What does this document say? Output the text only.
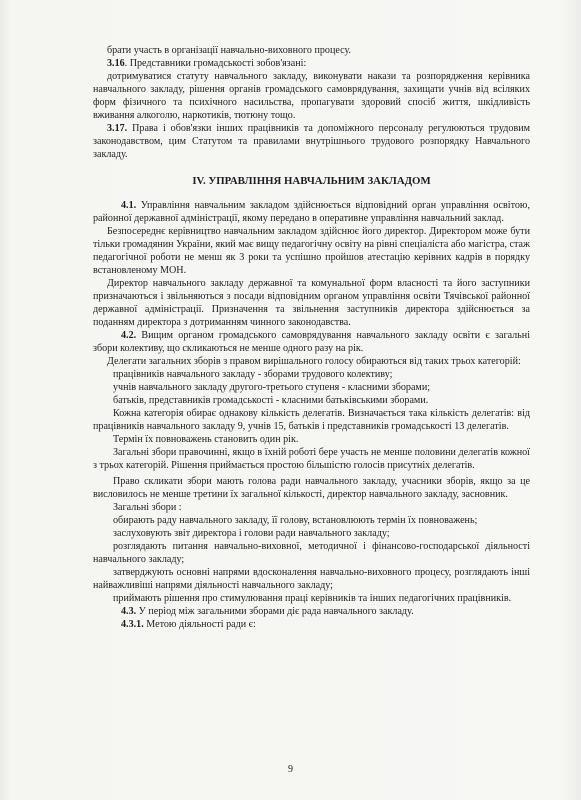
брати участь в організації навчально-виховного процесу.

3.16. Представники громадськості зобов'язані:

дотримуватися статуту навчального закладу, виконувати накази та розпорядження керівника навчального закладу, рішення органів громадського самоврядування, захищати учнів від всіляких форм фізичного та психічного насильства, пропагувати здоровий спосіб життя, шкідливість вживання алкоголю, наркотиків, тютюну тощо.

3.17. Права і обов'язки інших працівників та допоміжного персоналу регулюються трудовим законодавством, цим Статутом та правилами внутрішнього трудового розпорядку Навчального закладу.

IV. УПРАВЛІННЯ НАВЧАЛЬНИМ ЗАКЛАДОМ

4.1. Управління навчальним закладом здійснюється відповідний орган управління освітою, районної державної адміністрації, якому передано в оперативне управління навчальний заклад.

Безпосереднє керівництво навчальним закладом здійснює його директор. Директором може бути тільки громадянин України, який має вищу педагогічну освіту на рівні спеціаліста або магістра, стаж педагогічної роботи не менш як 3 роки та успішно пройшов атестацію керівних кадрів в порядку встановленому МОН.

Директор навчального закладу державної та комунальної форм власності та його заступники призначаються і звільняються з посади відповідним органом управління освіти Тячівської районної державної адміністрації. Призначення та звільнення заступників директора здійснюється за поданням директора з дотриманням чинного законодавства.

4.2. Вищим органом громадського самоврядування навчального закладу освіти є загальні збори колективу, що скликаються не менше одного разу на рік.

Делегати загальних зборів з правом вирішального голосу обираються від таких трьох категорій:

працівників навчального закладу - зборами трудового колективу;

учнів навчального закладу другого-третього ступеня - класними зборами;

батьків, представників громадськості - класними батьківськими зборами.

Кожна категорія обирає однакову кількість делегатів. Визначається така кількість делегатів: від працівників навчального закладу 9, учнів 15, батьків і представників громадськості 13 делегатів.

Термін їх повноважень становить один рік.

Загальні збори правочинні, якщо в їхній роботі бере участь не менше половини делегатів кожної з трьох категорій. Рішення приймається простою більшістю голосів присутніх делегатів.

Право скликати збори мають голова ради навчального закладу, учасники зборів, якщо за це висловилось не менше третини їх загальної кількості, директор навчального закладу, засновник.

Загальні збори :

обирають раду навчального закладу, її голову, встановлюють термін їх повноважень;

заслуховують звіт директора і голови ради навчального закладу;

розглядають питання навчально-виховної, методичної і фінансово-господарської діяльності навчального закладу;

затверджують основні напрями вдосконалення навчально-виховного процесу, розглядають інші найважливіші напрями діяльності навчального закладу;

приймають рішення про стимулювання праці керівників та інших педагогічних працівників.

4.3. У період між загальними зборами діє рада навчального закладу.

4.3.1. Метою діяльності ради є:

9
